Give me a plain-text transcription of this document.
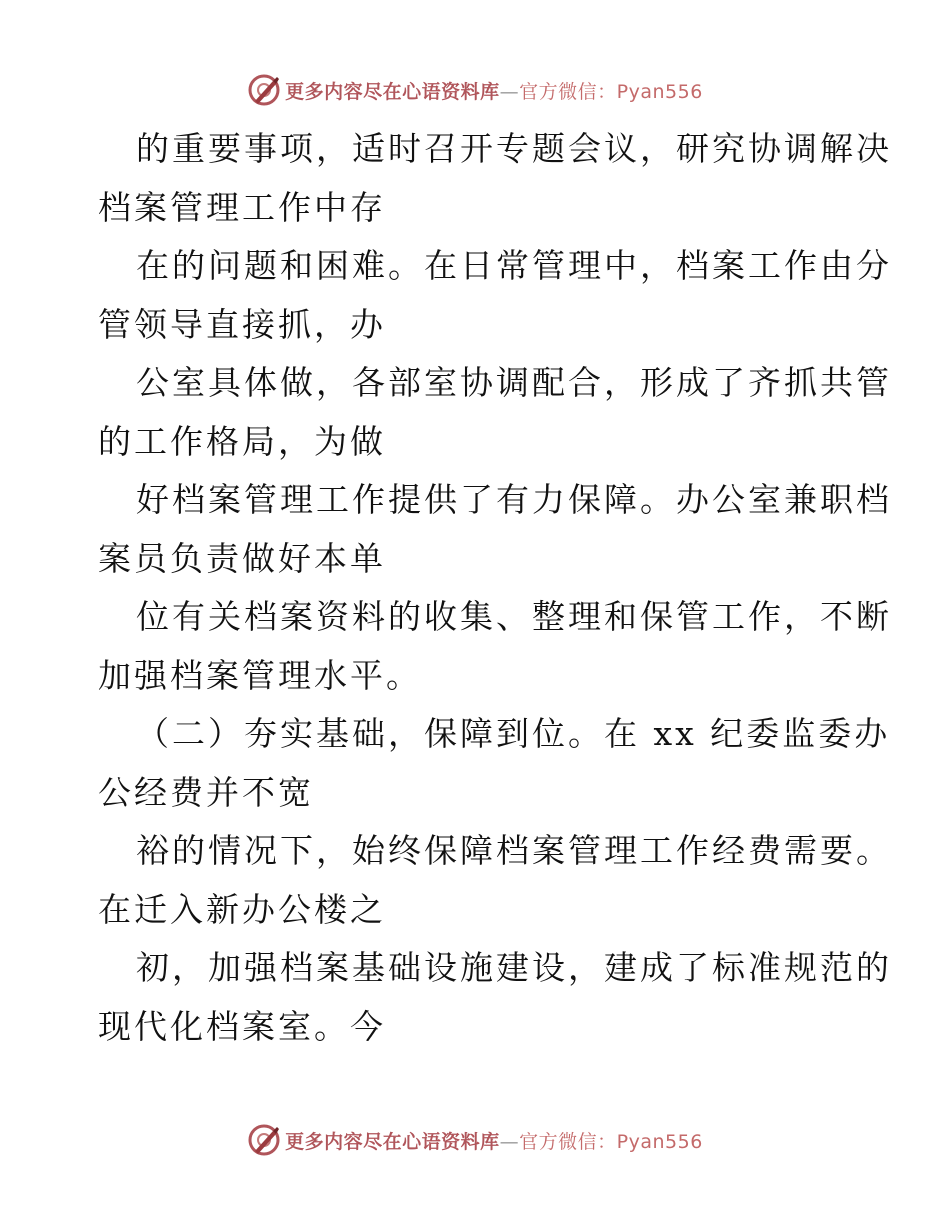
更多内容尽在心语资料库—官方微信：Pyan556
的重要事项，适时召开专题会议，研究协调解决
档案管理工作中存
在的问题和困难。在日常管理中，档案工作由分
管领导直接抓，办
公室具体做，各部室协调配合，形成了齐抓共管
的工作格局，为做
好档案管理工作提供了有力保障。办公室兼职档
案员负责做好本单
位有关档案资料的收集、整理和保管工作，不断
加强档案管理水平。
（二）夯实基础，保障到位。在 xx 纪委监委办
公经费并不宽
裕的情况下，始终保障档案管理工作经费需要。
在迁入新办公楼之
初，加强档案基础设施建设，建成了标准规范的
现代化档案室。今
更多内容尽在心语资料库—官方微信：Pyan556
